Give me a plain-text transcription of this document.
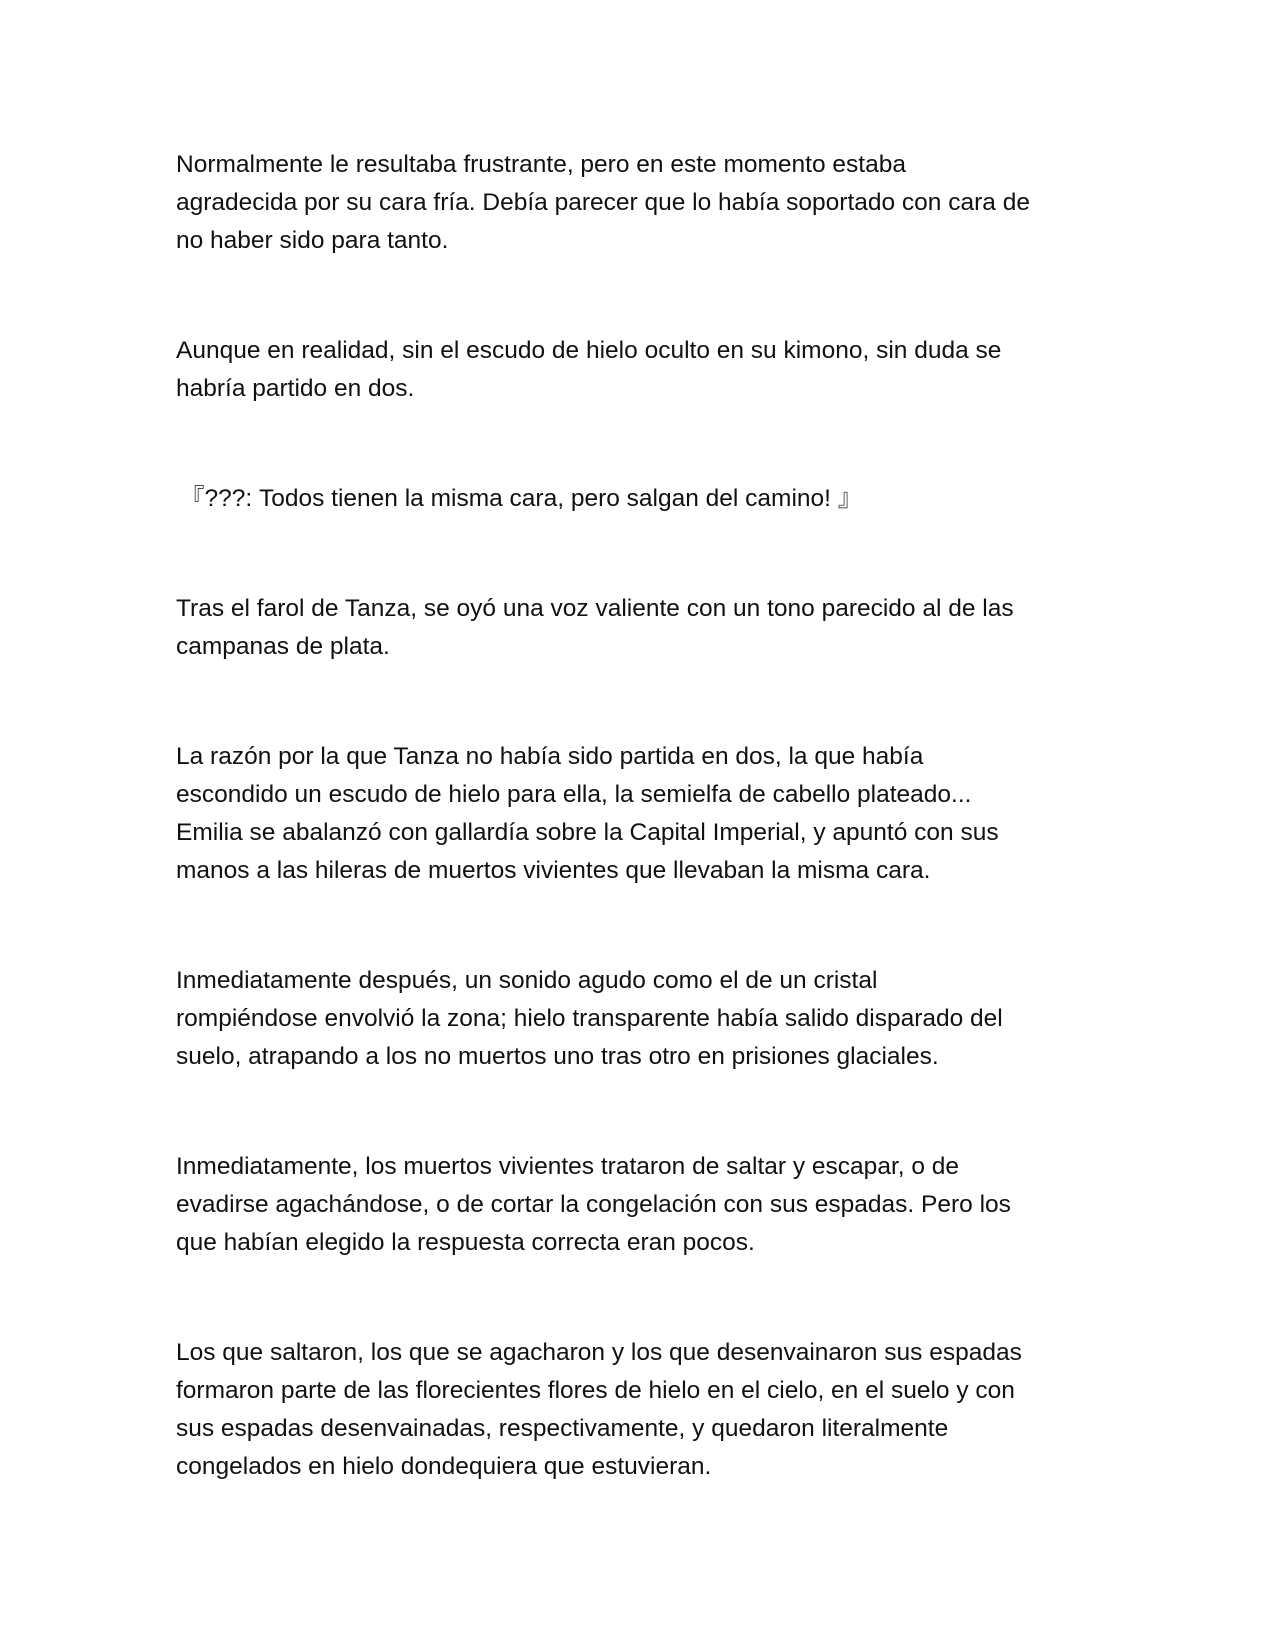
Normalmente le resultaba frustrante, pero en este momento estaba
agradecida por su cara fría. Debía parecer que lo había soportado con cara de
no haber sido para tanto.

Aunque en realidad, sin el escudo de hielo oculto en su kimono, sin duda se
habría partido en dos.

『???: Todos tienen la misma cara, pero salgan del camino! 』

Tras el farol de Tanza, se oyó una voz valiente con un tono parecido al de las
campanas de plata.

La razón por la que Tanza no había sido partida en dos, la que había
escondido un escudo de hielo para ella, la semielfa de cabello plateado...
Emilia se abalanzó con gallardía sobre la Capital Imperial, y apuntó con sus
manos a las hileras de muertos vivientes que llevaban la misma cara.

Inmediatamente después, un sonido agudo como el de un cristal
rompiéndose envolvió la zona; hielo transparente había salido disparado del
suelo, atrapando a los no muertos uno tras otro en prisiones glaciales.

Inmediatamente, los muertos vivientes trataron de saltar y escapar, o de
evadirse agachándose, o de cortar la congelación con sus espadas. Pero los
que habían elegido la respuesta correcta eran pocos.

Los que saltaron, los que se agacharon y los que desenvainaron sus espadas
formaron parte de las florecientes flores de hielo en el cielo, en el suelo y con
sus espadas desenvainadas, respectivamente, y quedaron literalmente
congelados en hielo dondequiera que estuvieran.
